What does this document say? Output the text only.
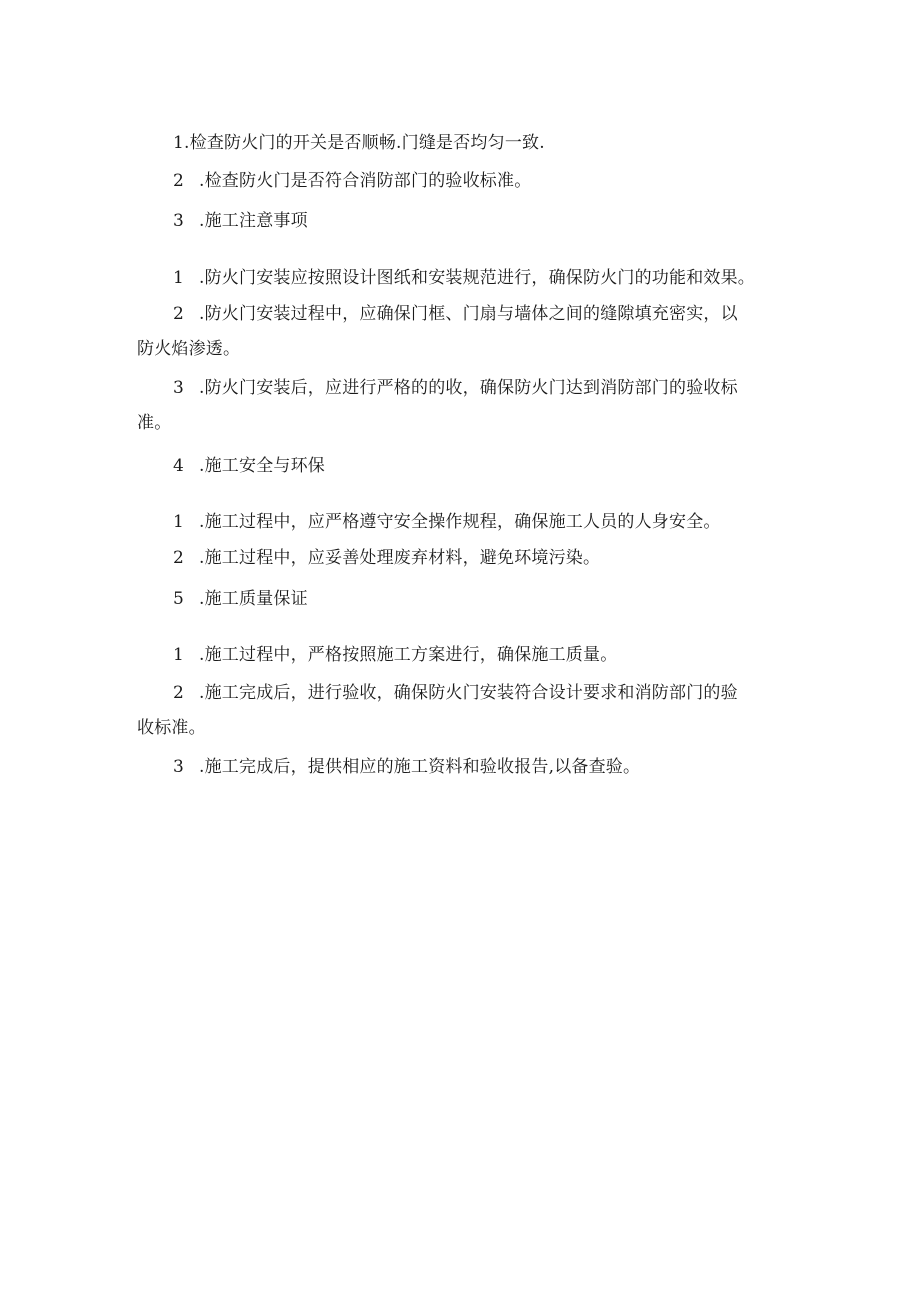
1.检查防火门的开关是否顺畅.门缝是否均匀一致.
2 .检查防火门是否符合消防部门的验收标准。
3 .施工注意事项
1 .防火门安装应按照设计图纸和安装规范进行，确保防火门的功能和效果。
2 .防火门安装过程中，应确保门框、门扇与墙体之间的缝隙填充密实，以
防火焰渗透。
3 .防火门安装后，应进行严格的的收，确保防火门达到消防部门的验收标
准。
4 .施工安全与环保
1 .施工过程中，应严格遵守安全操作规程，确保施工人员的人身安全。
2 .施工过程中，应妥善处理废弃材料，避免环境污染。
5 .施工质量保证
1 .施工过程中，严格按照施工方案进行，确保施工质量。
2 .施工完成后，进行验收，确保防火门安装符合设计要求和消防部门的验
收标准。
3 .施工完成后，提供相应的施工资料和验收报告,以备查验。
